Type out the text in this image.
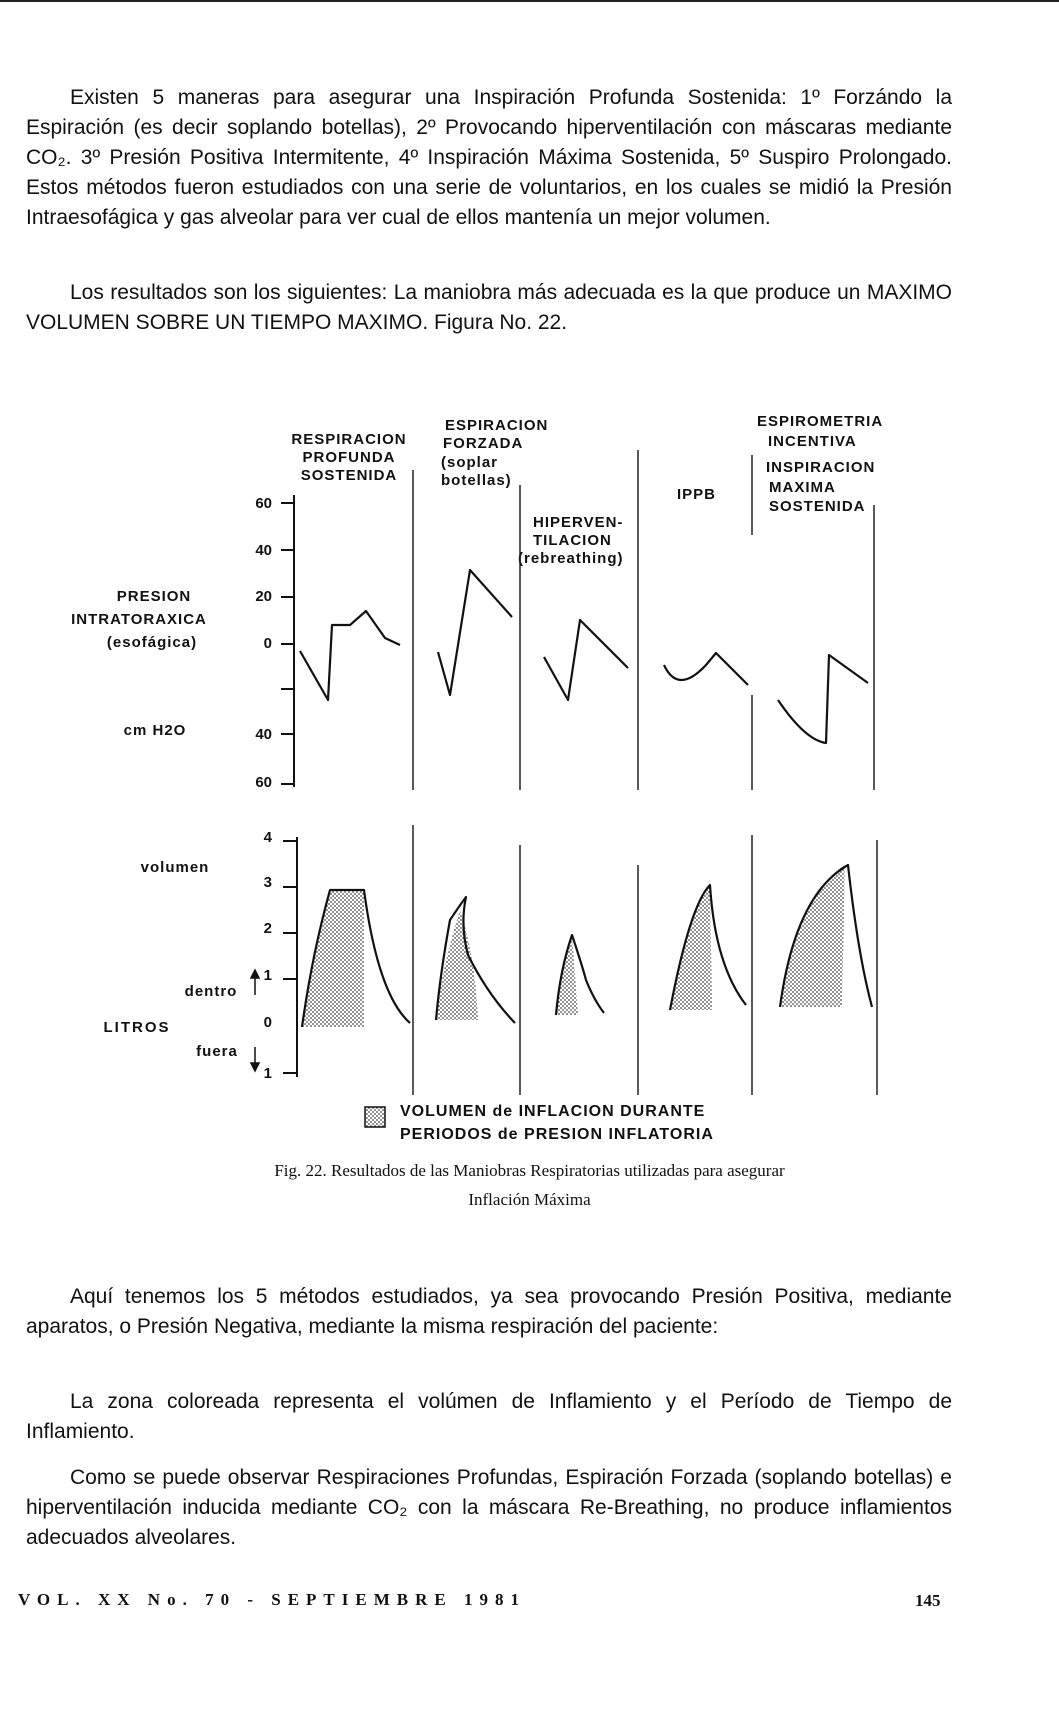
Existen 5 maneras para asegurar una Inspiración Profunda Sostenida: 1º Forzándo la Espiración (es decir soplando botellas), 2º Provocando hiperventilación con máscaras mediante CO₂. 3º Presión Positiva Intermitente, 4º Inspiración Máxima Sostenida, 5º Suspiro Prolongado. Estos métodos fueron estudiados con una serie de voluntarios, en los cuales se midió la Presión Intraesofágica y gas alveolar para ver cual de ellos mantenía un mejor volumen.

Los resultados son los siguientes: La maniobra más adecuada es la que produce un MAXIMO VOLUMEN SOBRE UN TIEMPO MAXIMO. Figura No. 22.

RESPIRACION
PROFUNDA
SOSTENIDA
ESPIRACION
FORZADA
(soplar
botellas)
HIPERVEN-
TILACION
(rebreathing)
IPPB
ESPIROMETRIA
INCENTIVA
INSPIRACION
MAXIMA
SOSTENIDA
PRESION
INTRATORAXICA
(esofágica)
cm H2O
60
40
20
0
40
60
volumen
LITROS
dentro
fuera
4
3
2
1
0
1
VOLUMEN de INFLACION DURANTE
PERIODOS de PRESION INFLATORIA

Fig. 22. Resultados de las Maniobras Respiratorias utilizadas para asegurar
Inflación Máxima

Aquí tenemos los 5 métodos estudiados, ya sea provocando Presión Positiva, mediante aparatos, o Presión Negativa, mediante la misma respiración del paciente:

La zona coloreada representa el volúmen de Inflamiento y el Período de Tiempo de Inflamiento.

Como se puede observar Respiraciones Profundas, Espiración Forzada (soplando botellas) e hiperventilación inducida mediante CO₂ con la máscara Re-Breathing, no produce inflamientos adecuados alveolares.

VOL. XX No. 70 - SEPTIEMBRE 1981	145
